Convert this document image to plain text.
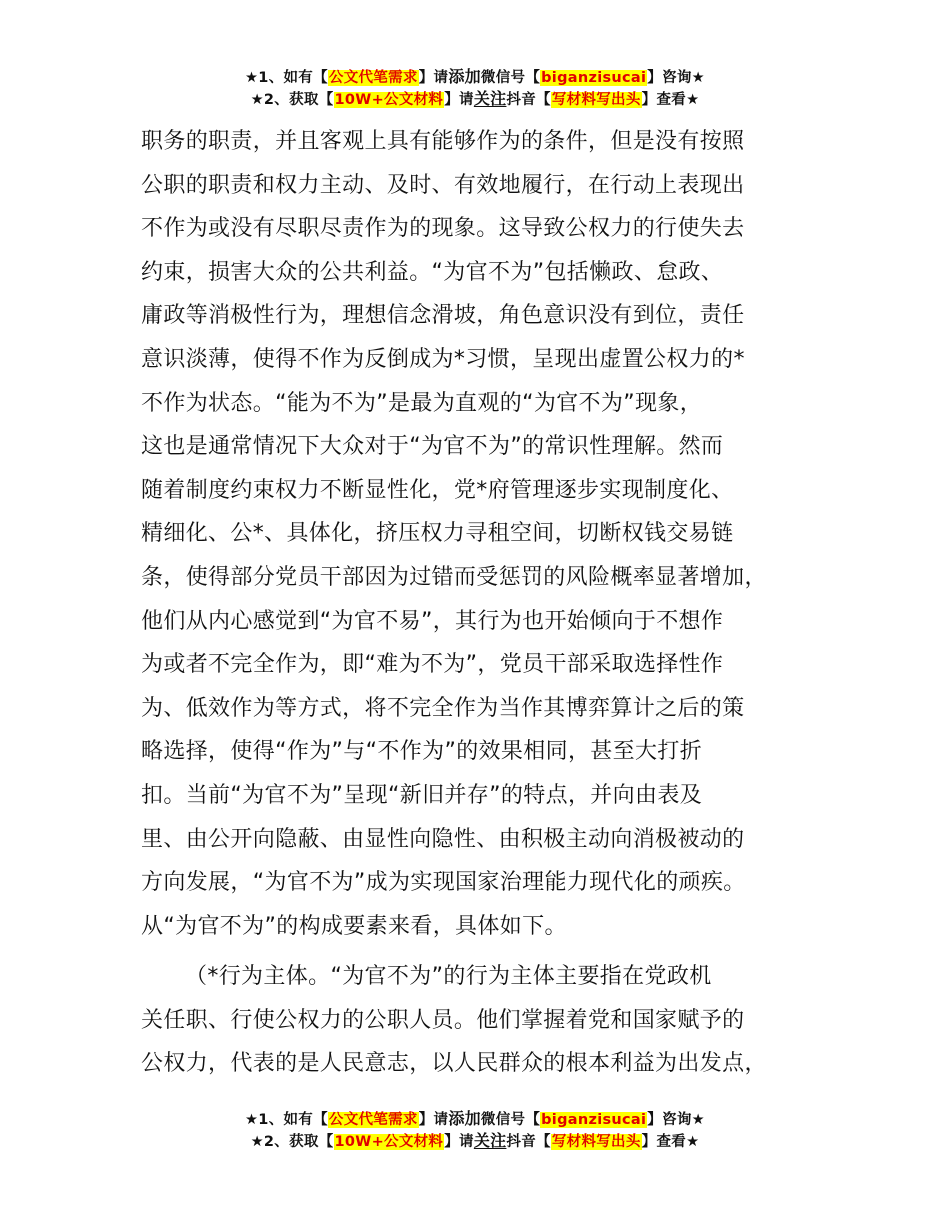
★1、如有【公文代笔需求】请添加微信号【biganzisucai】咨询★
★2、获取【10W+公文材料】请关注抖音【写材料写出头】查看★
职务的职责，并且客观上具有能够作为的条件，但是没有按照
公职的职责和权力主动、及时、有效地履行，在行动上表现出
不作为或没有尽职尽责作为的现象。这导致公权力的行使失去
约束，损害大众的公共利益。“为官不为”包括懒政、怠政、
庸政等消极性行为，理想信念滑坡，角色意识没有到位，责任
意识淡薄，使得不作为反倒成为*习惯，呈现出虚置公权力的*
不作为状态。“能为不为”是最为直观的“为官不为”现象，
这也是通常情况下大众对于“为官不为”的常识性理解。然而
随着制度约束权力不断显性化，党*府管理逐步实现制度化、
精细化、公*、具体化，挤压权力寻租空间，切断权钱交易链
条，使得部分党员干部因为过错而受惩罚的风险概率显著增加，
他们从内心感觉到“为官不易”，其行为也开始倾向于不想作
为或者不完全作为，即“难为不为”，党员干部采取选择性作
为、低效作为等方式，将不完全作为当作其博弈算计之后的策
略选择，使得“作为”与“不作为”的效果相同，甚至大打折
扣。当前“为官不为”呈现“新旧并存”的特点，并向由表及
里、由公开向隐蔽、由显性向隐性、由积极主动向消极被动的
方向发展，“为官不为”成为实现国家治理能力现代化的顽疾。
从“为官不为”的构成要素来看，具体如下。
（*行为主体。“为官不为”的行为主体主要指在党政机
关任职、行使公权力的公职人员。他们掌握着党和国家赋予的
公权力，代表的是人民意志，以人民群众的根本利益为出发点，
★1、如有【公文代笔需求】请添加微信号【biganzisucai】咨询★
★2、获取【10W+公文材料】请关注抖音【写材料写出头】查看★
